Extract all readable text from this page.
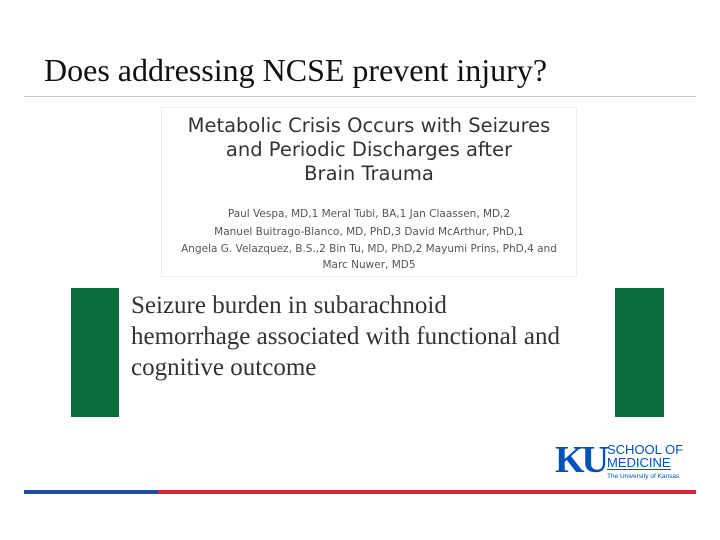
Does addressing NCSE prevent injury?
Metabolic Crisis Occurs with Seizures
and Periodic Discharges after
Brain Trauma
Paul Vespa, MD,1 Meral Tubi, BA,1 Jan Claassen, MD,2
Manuel Buitrago-Blanco, MD, PhD,3 David McArthur, PhD,1
Angela G. Velazquez, B.S.,2 Bin Tu, MD, PhD,2 Mayumi Prins, PhD,4 and
Marc Nuwer, MD5
Seizure burden in subarachnoid
hemorrhage associated with functional and
cognitive outcome
KU SCHOOL OF
MEDICINE
The University of Kansas
